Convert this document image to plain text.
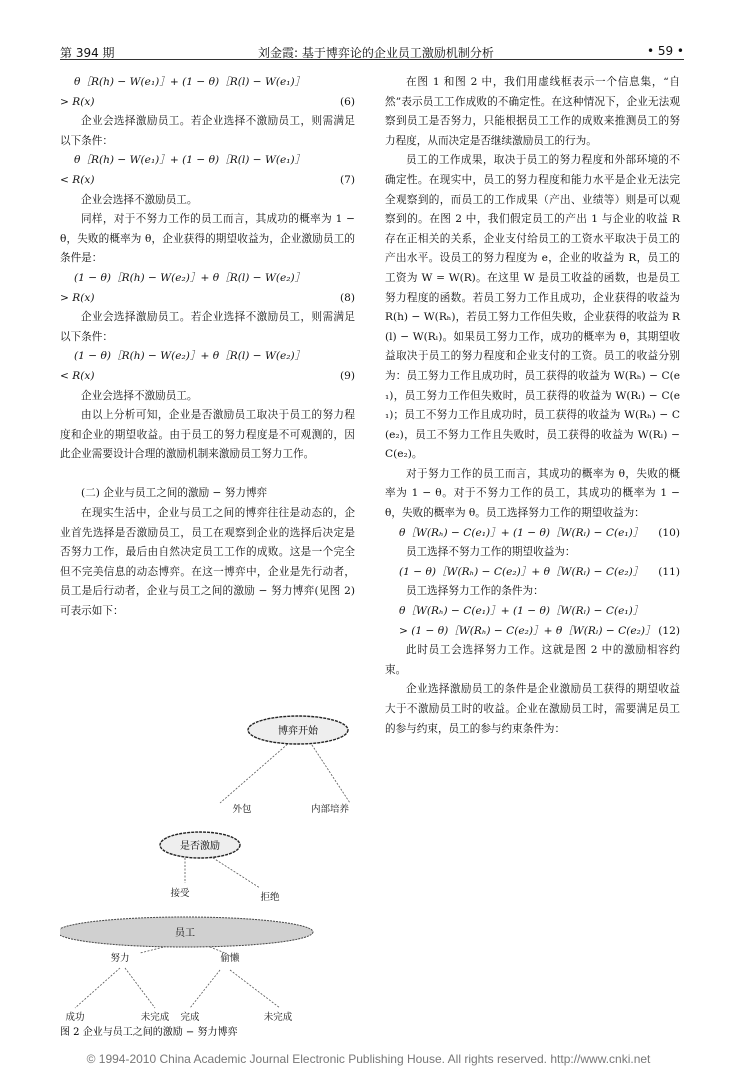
第 394 期	刘金霞: 基于博弈论的企业员工激励机制分析	• 59 •
θ［R(h) − W(e₁)］+ (1 − θ)［R(l) − W(e₁)］
> R(x)	(6)
企业会选择激励员工。若企业选择不激励员工，则需满足以下条件：
θ［R(h) − W(e₁)］+ (1 − θ)［R(l) − W(e₁)］
< R(x)	(7)
企业会选择不激励员工。
同样，对于不努力工作的员工而言，其成功的概率为 1 − θ，失败的概率为 θ，企业获得的期望收益为，企业激励员工的条件是：
(1 − θ)［R(h) − W(e₂)］+ θ［R(l) − W(e₂)］
> R(x)	(8)
企业会选择激励员工。若企业选择不激励员工，则需满足以下条件：
(1 − θ)［R(h) − W(e₂)］+ θ［R(l) − W(e₂)］
< R(x)	(9)
企业会选择不激励员工。
由以上分析可知，企业是否激励员工取决于员工的努力程度和企业的期望收益。由于员工的努力程度是不可观测的，因此企业需要设计合理的激励机制来激励员工努力工作。
(二) 企业与员工之间的激励 − 努力博弈
在现实生活中，企业与员工之间的博弈往往是动态的，企业首先选择是否激励员工，员工在观察到企业的选择后决定是否努力工作，最后由自然决定员工工作的成败。这是一个完全但不完美信息的动态博弈。在这一博弈中，企业是先行动者，员工是后行动者，企业与员工之间的激励 − 努力博弈(见图 2)可表示如下：
在图 1 和图 2 中，我们用虚线框表示一个信息集，“自然”表示员工工作成败的不确定性。在这种情况下，企业无法观察到员工是否努力，只能根据员工工作的成败来推测员工的努力程度，从而决定是否继续激励员工的行为。
员工的工作成果，取决于员工的努力程度和外部环境的不确定性。在现实中，员工的努力程度和能力水平是企业无法完全观察到的，而员工的工作成果（产出、业绩等）则是可以观察到的。在图 2 中，我们假定员工的产出 1 与企业的收益 R 存在正相关的关系，企业支付给员工的工资水平取决于员工的产出水平。设员工的努力程度为 e，企业的收益为 R，员工的工资为 W = W(R)。在这里 W 是员工收益的函数，也是员工努力程度的函数。若员工努力工作且成功，企业获得的收益为 R(h) − W(Rₕ)，若员工努力工作但失败，企业获得的收益为 R(l) − W(Rₗ)。如果员工努力工作，成功的概率为 θ，其期望收益取决于员工的努力程度和企业支付的工资。员工的收益分别为：员工努力工作且成功时，员工获得的收益为 W(Rₕ) − C(e₁)，员工努力工作但失败时，员工获得的收益为 W(Rₗ) − C(e₁)；员工不努力工作且成功时，员工获得的收益为 W(Rₕ) − C(e₂)，员工不努力工作且失败时，员工获得的收益为 W(Rₗ) − C(e₂)。
对于努力工作的员工而言，其成功的概率为 θ，失败的概率为 1 − θ。对于不努力工作的员工，其成功的概率为 1 − θ，失败的概率为 θ。员工选择努力工作的期望收益为：
θ［W(Rₕ) − C(e₁)］+ (1 − θ)［W(Rₗ) − C(e₁)］ (10)
员工选择不努力工作的期望收益为：
(1 − θ)［W(Rₕ) − C(e₂)］+ θ［W(Rₗ) − C(e₂)］ (11)
员工选择努力工作的条件为：
θ［W(Rₕ) − C(e₁)］+ (1 − θ)［W(Rₗ) − C(e₁)］
> (1 − θ)［W(Rₕ) − C(e₂)］+ θ［W(Rₗ) − C(e₂)］ (12)
此时员工会选择努力工作。这就是图 2 中的激励相容约束。
企业选择激励员工的条件是企业激励员工获得的期望收益大于不激励员工时的收益。企业在激励员工时，需要满足员工的参与约束，员工的参与约束条件为：
博弈开始
是否激励
员工
外包	内部培养
接受	拒绝
努力	偷懒
成功	未完成 完成	未完成
图 2 企业与员工之间的激励 − 努力博弈
© 1994-2010 China Academic Journal Electronic Publishing House. All rights reserved. http://www.cnki.net
